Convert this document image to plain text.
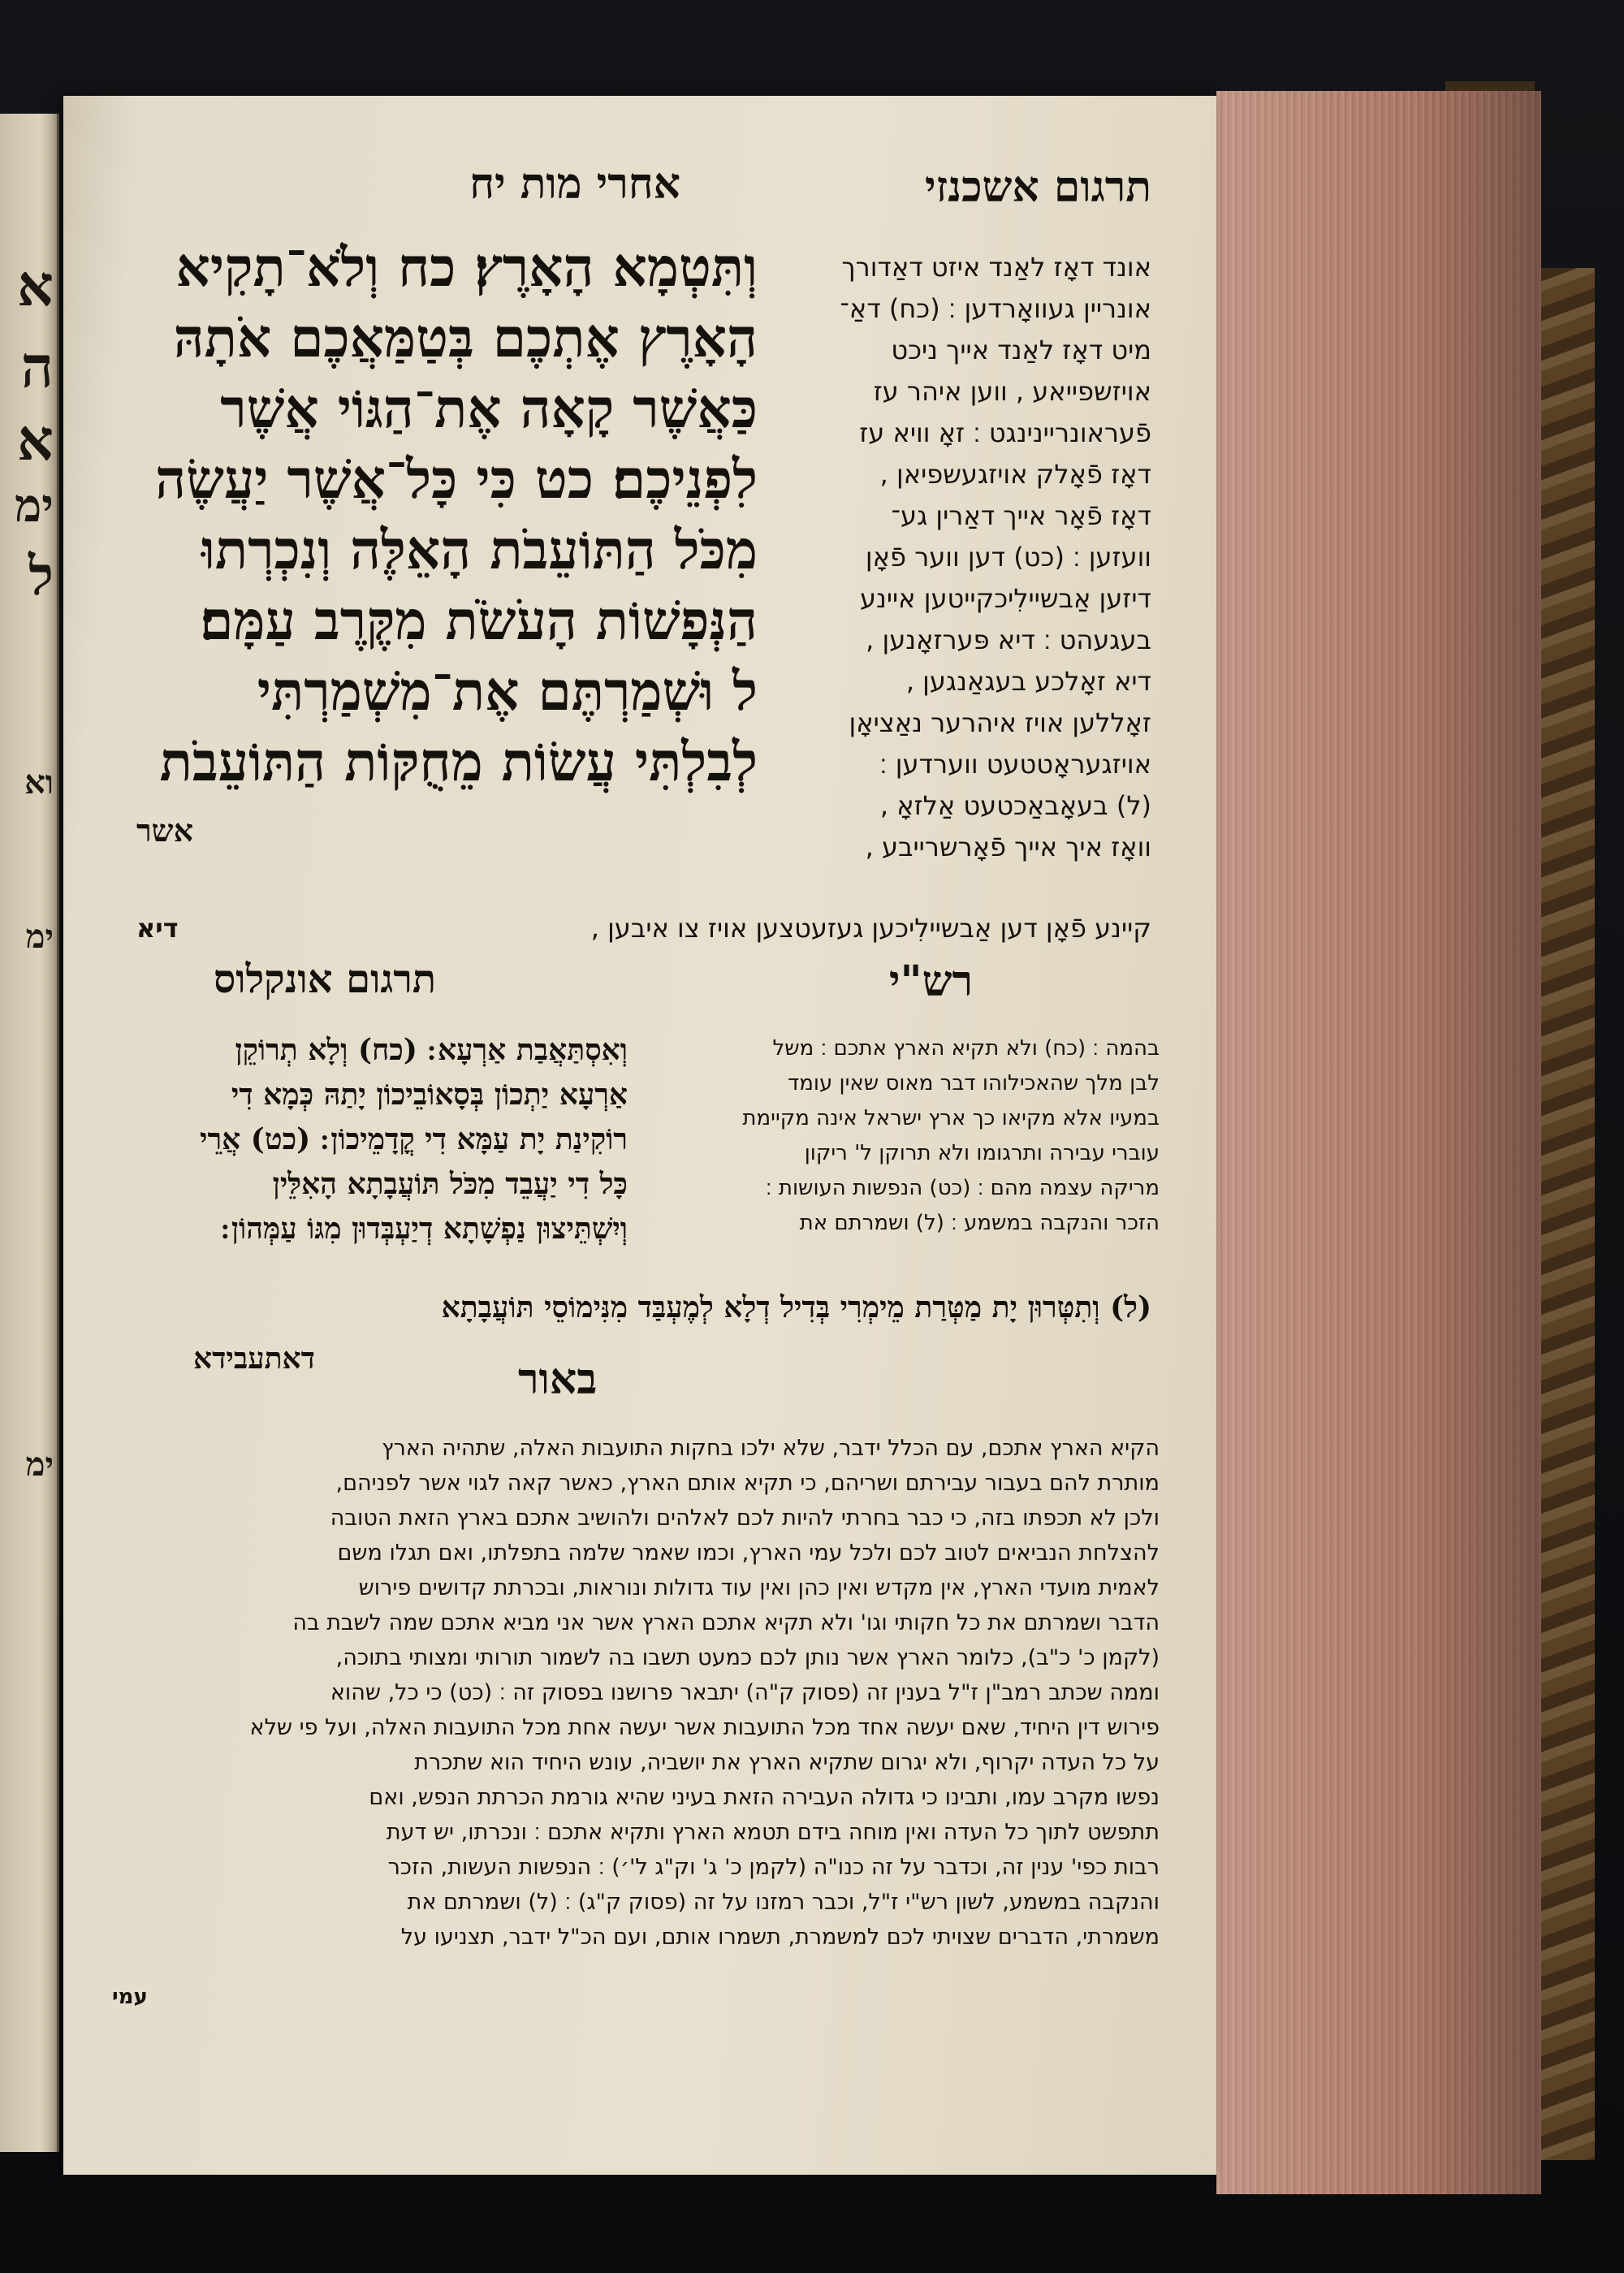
א
ה
א
ימ
ל
וא
ימ
ימ
אחרי מות יח	תרגום אשכנזי
וְתִּטְמָא הָאָרֶץ׃ כח וְלֹא־תָקִיא
הָאָרֶץ אֶתְכֶם בְּטַמַּאֲכֶם אֹתָהּ
כַּאֲשֶׁר קָאָה אֶת־הַגּוֹי אֲשֶׁר
לִפְנֵיכֶם׃ כט כִּי כָּל־אֲשֶׁר יַעֲשֶׂה
מִכֹּל הַתּוֹעֵבֹת הָאֵלֶּה וְנִכְרְתוּ
הַנְּפָשׁוֹת הָעֹשֹׂת מִקֶּרֶב עַמָּם׃
ל וּשְׁמַרְתֶּם אֶת־מִשְׁמַרְתִּי
לְבִלְתִּי עֲשׂוֹת מֵחֻקּוֹת הַתּוֹעֵבֹת
אשר
אונד דאָז לאַנד איזט דאַדורך
אונריין געוואָרדען ׃ (כח) דאַ־
מיט דאָז לאַנד אייך ניכט
אויזשפייאע , ווען איהר עז
פֿעראונריינינגט ׃ זאָ וויא עז
דאָז פֿאָלק אויזגעשפיאן ,
דאָז פֿאָר אייך דאַרין גע־
וועזען ׃ (כט) דען ווער פֿאָן
דיזען אַבשיילִיכקייטען איינע
בעגעהט ׃ דיא פּערזאָנען ,
דיא זאָלכע בעגאַנגען ,
זאָללען אויז איהרער נאַציאָן
אויזגעראָטטעט ווערדען ׃
(ל) בעאָבאַכטעט אַלזאָ ,
וואָז איך אייך פֿאָרשרייבע ,
קיינע פֿאָן דען אַבשיילִיכען געזעטצען אויז צו איבען ,
דיא
רש"י
בהמה ׃ (כח) ולא תקיא הארץ אתכם ׃ משל
לבן מלך שהאכילוהו דבר מאוס שאין עומד
במעיו אלא מקיאו כך ארץ ישראל אינה מקיימת
עוברי עבירה ותרגומו ולא תרוקן ל' ריקון
מריקה עצמה מהם ׃ (כט) הנפשות העושות ׃
הזכר והנקבה במשמע ׃ (ל) ושמרתם את
תרגום אונקלוס
וְאִסְתַּאֲבַת אַרְעָא ׃ (כח) וְלָא תְרוֹקֵן
אַרְעָא יַתְכוֹן בְּסָאוֹבֵיכוֹן יָתַהּ כְּמָא דִי
רוֹקִינַת יָת עַמָּא דִי קֳדָמֵיכוֹן ׃ (כט) אֲרֵי
כָּל דִי יַעֲבֵד מִכֹּל תּוֹעֲבָתָא הָאִלֵּין
וְיִשְׁתֵּיצוּן נַפְשָׁתָא דְיַעְבְּדוּן מִגּוֹ עַמְּהוֹן ׃
(ל) וְתִטְּרוּן יָת מַטְּרַת מֵימְרִי בְּדִיל דְלָא לְמֶעְבַּד מִנִּימוֹסֵי תּוֹעֲבָתָא
דאתעבידא	באור
הקיא הארץ אתכם, עם הכלל ידבר, שלא ילכו בחקות התועבות האלה, שתהיה הארץ
מותרת להם בעבור עבירתם ושריהם, כי תקיא אותם הארץ, כאשר קאה לגוי אשר לפניהם,
ולכן לא תכפתו בזה, כי כבר בחרתי להיות לכם לאלהים ולהושיב אתכם בארץ הזאת הטובה
להצלחת הנביאים לטוב לכם ולכל עמי הארץ, וכמו שאמר שלמה בתפלתו, ואם תגלו משם
לאמית מועדי הארץ, אין מקדש ואין כהן ואין עוד גדולות ונוראות, ובכרתת קדושים פירוש
הדבר ושמרתם את כל חקותי וגו' ולא תקיא אתכם הארץ אשר אני מביא אתכם שמה לשבת בה
(לקמן כ' כ"ב), כלומר הארץ אשר נותן לכם כמעט תשבו בה לשמור תורותי ומצותי בתוכה,
וממה שכתב רמב"ן ז"ל בענין זה (פסוק ק"ה) יתבאר פרושנו בפסוק זה ׃ (כט) כי כל, שהוא
פירוש דין היחיד, שאם יעשה אחד מכל התועבות אשר יעשה אחת מכל התועבות האלה, ועל פי שלא
על כל העדה יקרוף, ולא יגרום שתקיא הארץ את יושביה, עונש היחיד הוא שתכרת
נפשו מקרב עמו, ותבינו כי גדולה העבירה הזאת בעיני שהיא גורמת הכרתת הנפש, ואם
תתפשט לתוך כל העדה ואין מוחה בידם תטמא הארץ ותקיא אתכם ׃ ונכרתו, יש דעת
רבות כפי' ענין זה, וכדבר על זה כנו"ה (לקמן כ' ג' וק"ג ל'׳) ׃ הנפשות העשות, הזכר
והנקבה במשמע, לשון רש"י ז"ל, וכבר רמזנו על זה (פסוק ק"ג) ׃ (ל) ושמרתם את
משמרתי, הדברים שצויתי לכם למשמרת, תשמרו אותם, ועם הכ"ל ידבר, תצניעו על
עמי
